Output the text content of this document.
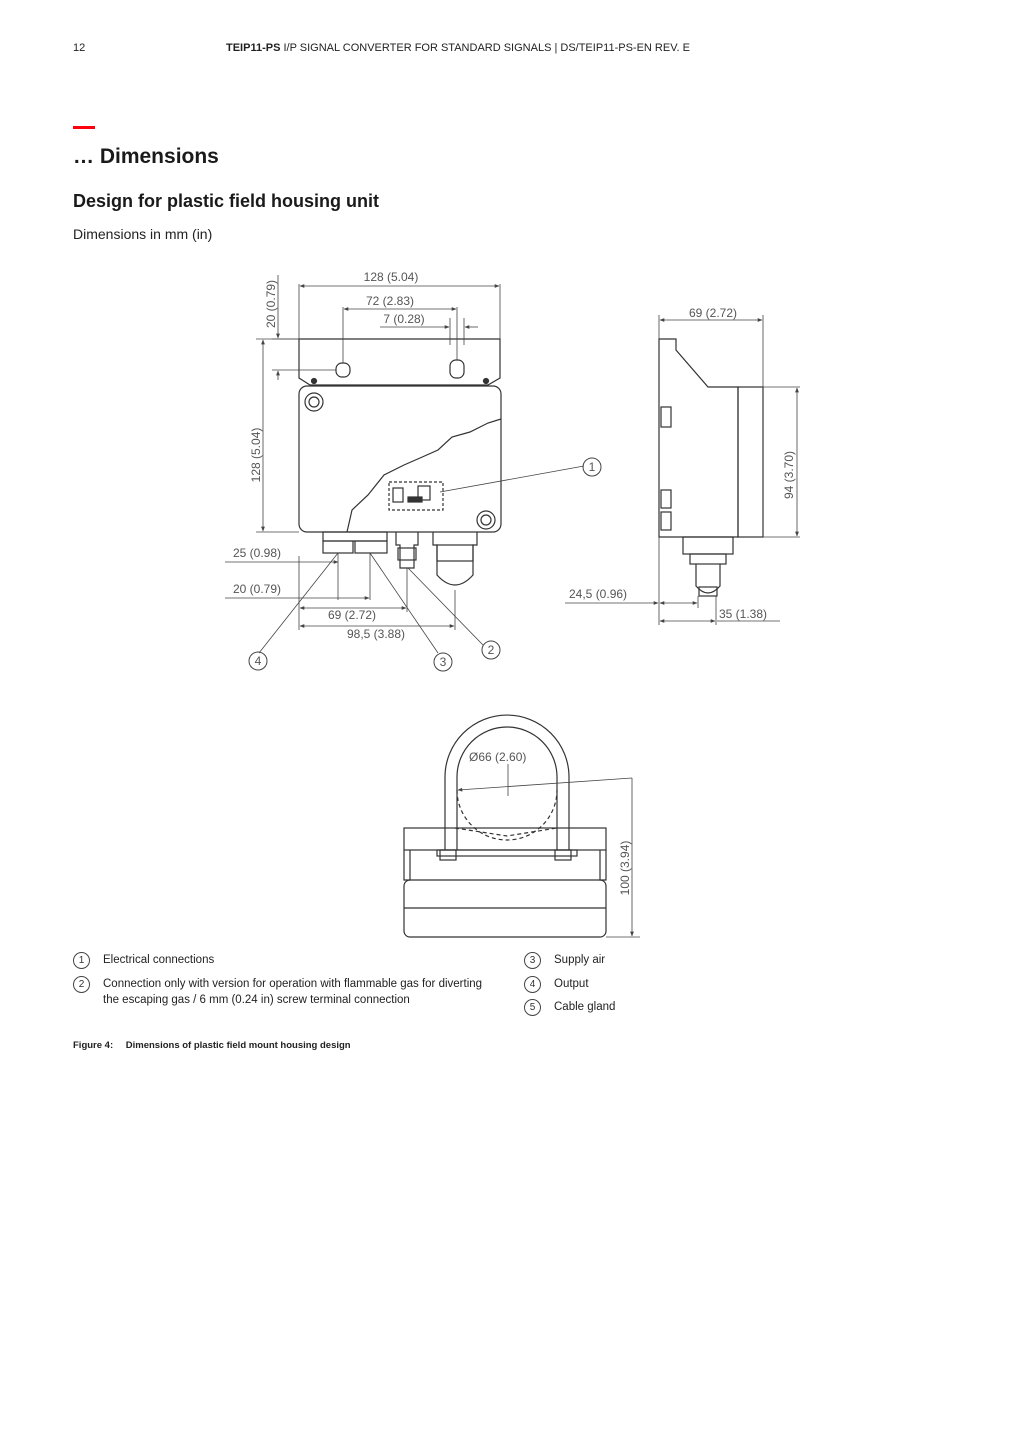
12	TEIP11-PS I/P SIGNAL CONVERTER FOR STANDARD SIGNALS | DS/TEIP11-PS-EN REV. E
… Dimensions
Design for plastic field housing unit
Dimensions in mm (in)
1
2
3
4
128 (5.04)
72 (2.83)
7 (0.28)
20 (0.79)
128 (5.04)
25 (0.98)
20 (0.79)
69 (2.72)
98,5 (3.88)
69 (2.72)
94 (3.70)
24,5 (0.96)
35 (1.38)
Ø66 (2.60)
100 (3.94)
1	Electrical connections
2	Connection only with version for operation with flammable gas for diverting the escaping gas / 6 mm (0.24 in) screw terminal connection
3	Supply air
4	Output
5	Cable gland
Figure 4: Dimensions of plastic field mount housing design
